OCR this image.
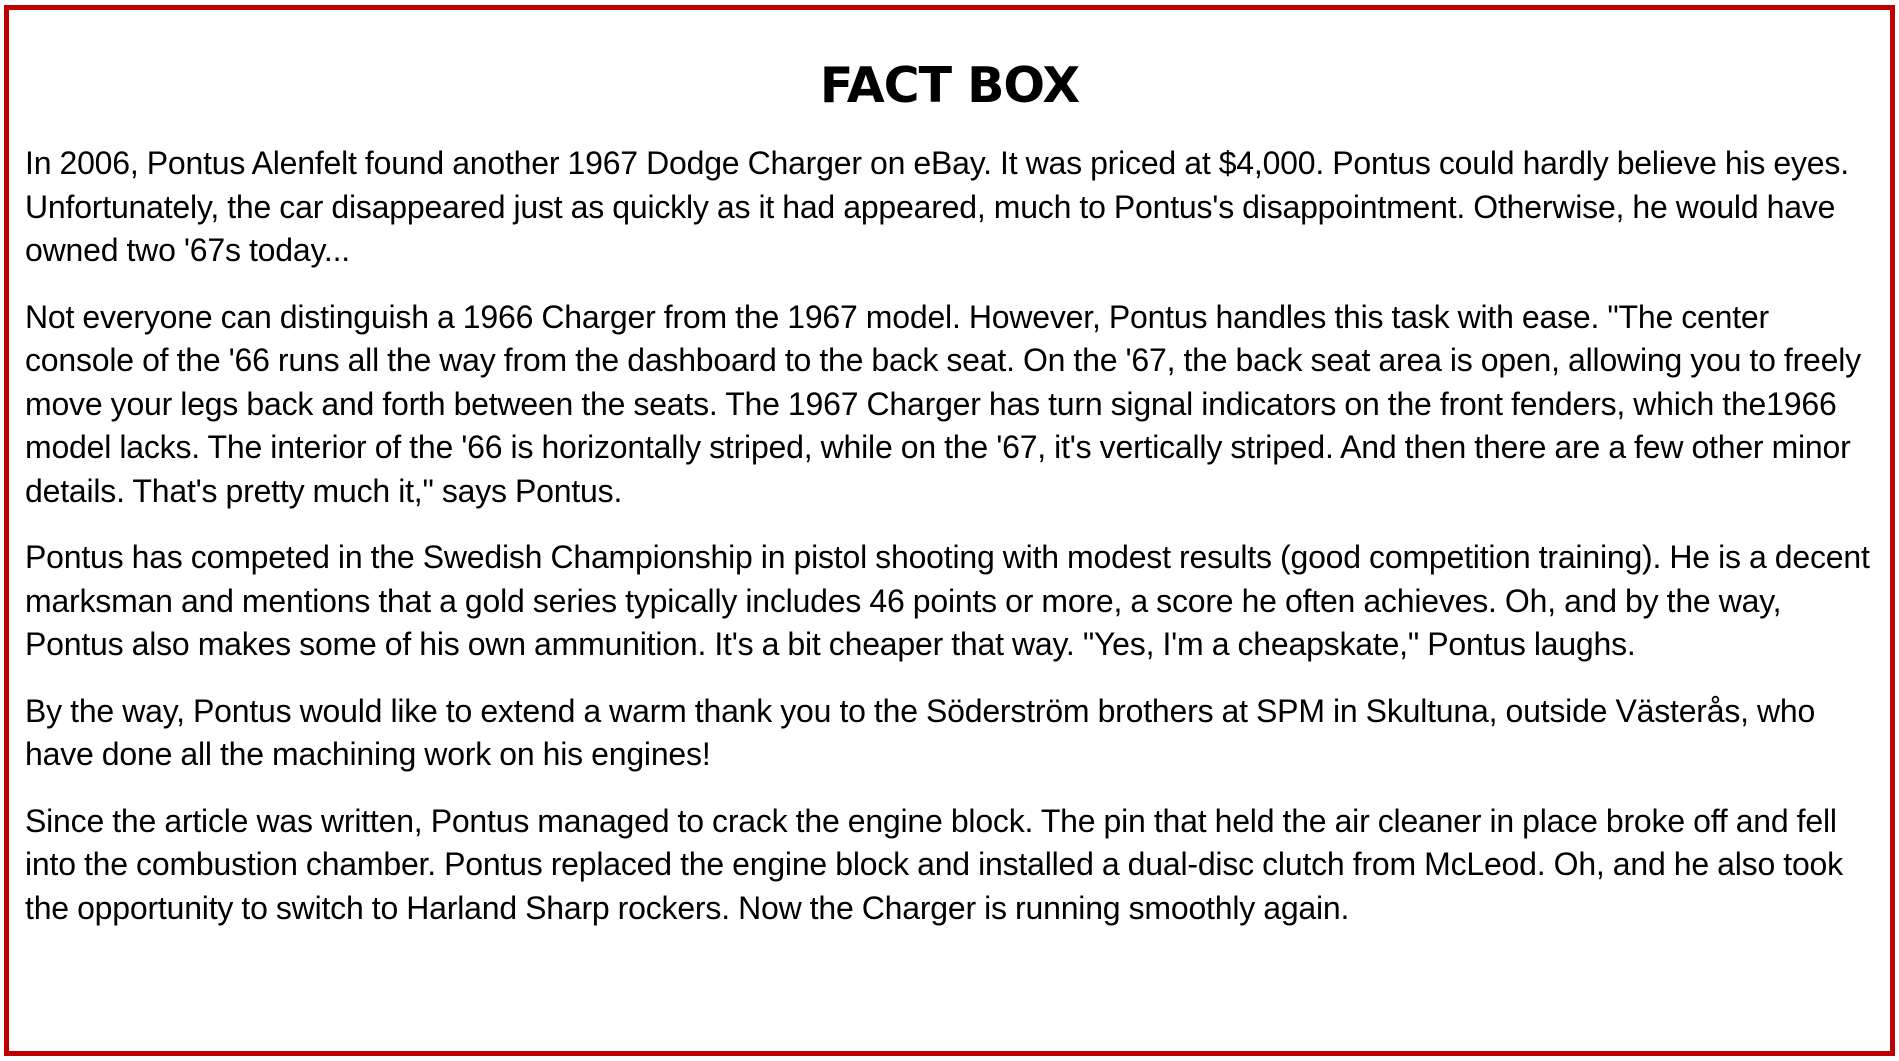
FACT BOX

In 2006, Pontus Alenfelt found another 1967 Dodge Charger on eBay. It was priced at $4,000. Pontus could hardly believe his eyes. Unfortunately, the car disappeared just as quickly as it had appeared, much to Pontus's disappointment. Otherwise, he would have owned two '67s today...

Not everyone can distinguish a 1966 Charger from the 1967 model. However, Pontus handles this task with ease. "The center console of the '66 runs all the way from the dashboard to the back seat. On the '67, the back seat area is open, allowing you to freely move your legs back and forth between the seats. The 1967 Charger has turn signal indicators on the front fenders, which the1966 model lacks. The interior of the '66 is horizontally striped, while on the '67, it's vertically striped. And then there are a few other minor details. That's pretty much it," says Pontus.

Pontus has competed in the Swedish Championship in pistol shooting with modest results (good competition training). He is a decent marksman and mentions that a gold series typically includes 46 points or more, a score he often achieves. Oh, and by the way, Pontus also makes some of his own ammunition. It's a bit cheaper that way. "Yes, I'm a cheapskate," Pontus laughs.

By the way, Pontus would like to extend a warm thank you to the Söderström brothers at SPM in Skultuna, outside Västerås, who have done all the machining work on his engines!

Since the article was written, Pontus managed to crack the engine block. The pin that held the air cleaner in place broke off and fell into the combustion chamber. Pontus replaced the engine block and installed a dual-disc clutch from McLeod. Oh, and he also took the opportunity to switch to Harland Sharp rockers. Now the Charger is running smoothly again.
